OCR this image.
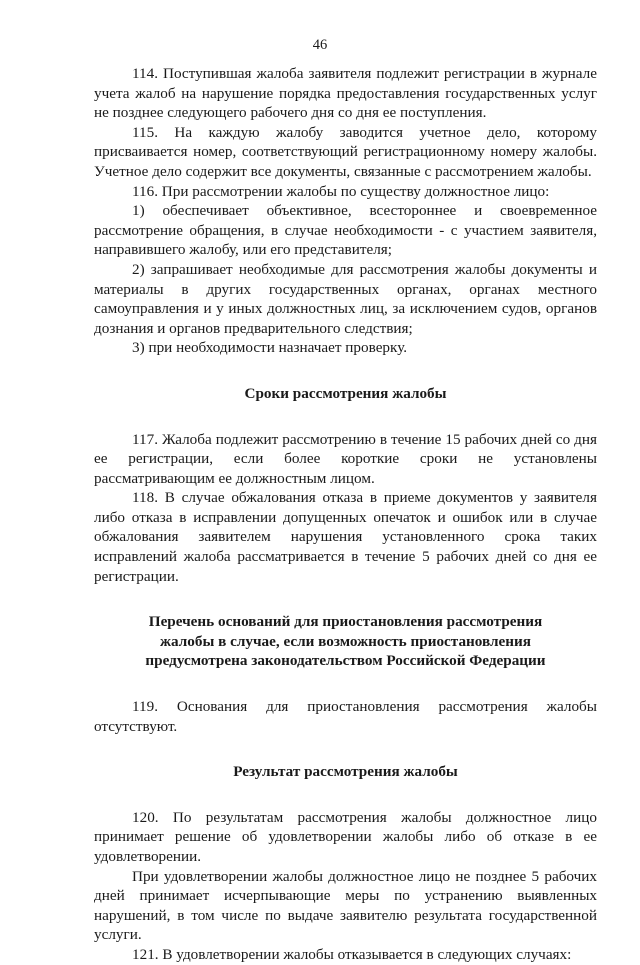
46

114. Поступившая жалоба заявителя подлежит регистрации в журнале учета жалоб на нарушение порядка предоставления государственных услуг не позднее следующего рабочего дня со дня ее поступления.

115. На каждую жалобу заводится учетное дело, которому присваивается номер, соответствующий регистрационному номеру жалобы. Учетное дело содержит все документы, связанные с рассмотрением жалобы.

116. При рассмотрении жалобы по существу должностное лицо:

1) обеспечивает объективное, всестороннее и своевременное рассмотрение обращения, в случае необходимости - с участием заявителя, направившего жалобу, или его представителя;

2) запрашивает необходимые для рассмотрения жалобы документы и материалы в других государственных органах, органах местного самоуправления и у иных должностных лиц, за исключением судов, органов дознания и органов предварительного следствия;

3) при необходимости назначает проверку.

Сроки рассмотрения жалобы

117. Жалоба подлежит рассмотрению в течение 15 рабочих дней со дня ее регистрации, если более короткие сроки не установлены рассматривающим ее должностным лицом.

118. В случае обжалования отказа в приеме документов у заявителя либо отказа в исправлении допущенных опечаток и ошибок или в случае обжалования заявителем нарушения установленного срока таких исправлений жалоба рассматривается в течение 5 рабочих дней со дня ее регистрации.

Перечень оснований для приостановления рассмотрения
жалобы в случае, если возможность приостановления
предусмотрена законодательством Российской Федерации

119. Основания для приостановления рассмотрения жалобы отсутствуют.

Результат рассмотрения жалобы

120. По результатам рассмотрения жалобы должностное лицо принимает решение об удовлетворении жалобы либо об отказе в ее удовлетворении.

При удовлетворении жалобы должностное лицо не позднее 5 рабочих дней принимает исчерпывающие меры по устранению выявленных нарушений, в том числе по выдаче заявителю результата государственной услуги.

121. В удовлетворении жалобы отказывается в следующих случаях:
